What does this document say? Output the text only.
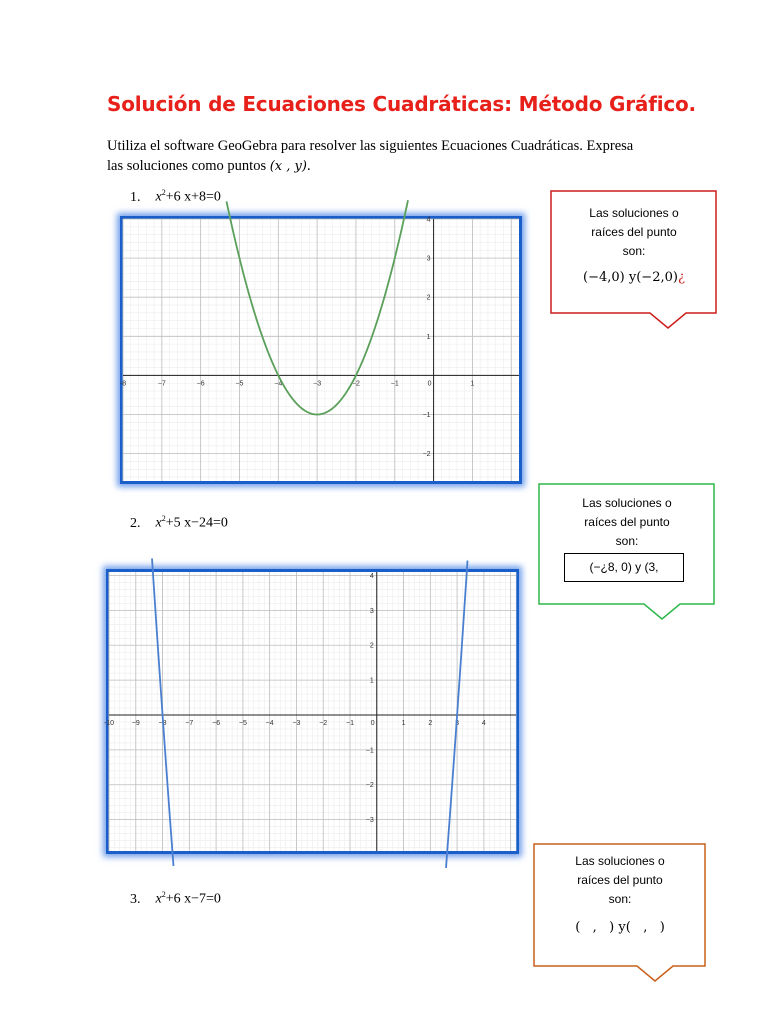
Solución de Ecuaciones Cuadráticas: Método Gráfico.
Utiliza el software GeoGebra para resolver las siguientes Ecuaciones Cuadráticas. Expresa
las soluciones como puntos (x , y).
1. $x^2+6$ x+8=0
-8	−7	−6	−5	−4	−3	−2	−1	0	1
4
3
2
1
−1
−2
2. $x^2+5$ x−24=0
-10	−9	−8	−7	−6	−5	−4	−3	−2	−1 0	1	2	3	4
4
3
2
1
−1
−2
−3
3. $x^2+6$ x−7=0
Las soluciones o
raíces del punto
son:
(−4,0) y(−2,0)¿
Las soluciones o
raíces del punto
son:
(−¿8, 0) y (3,
Las soluciones o
raíces del punto
son:
(   ,   ) y(   ,   )
